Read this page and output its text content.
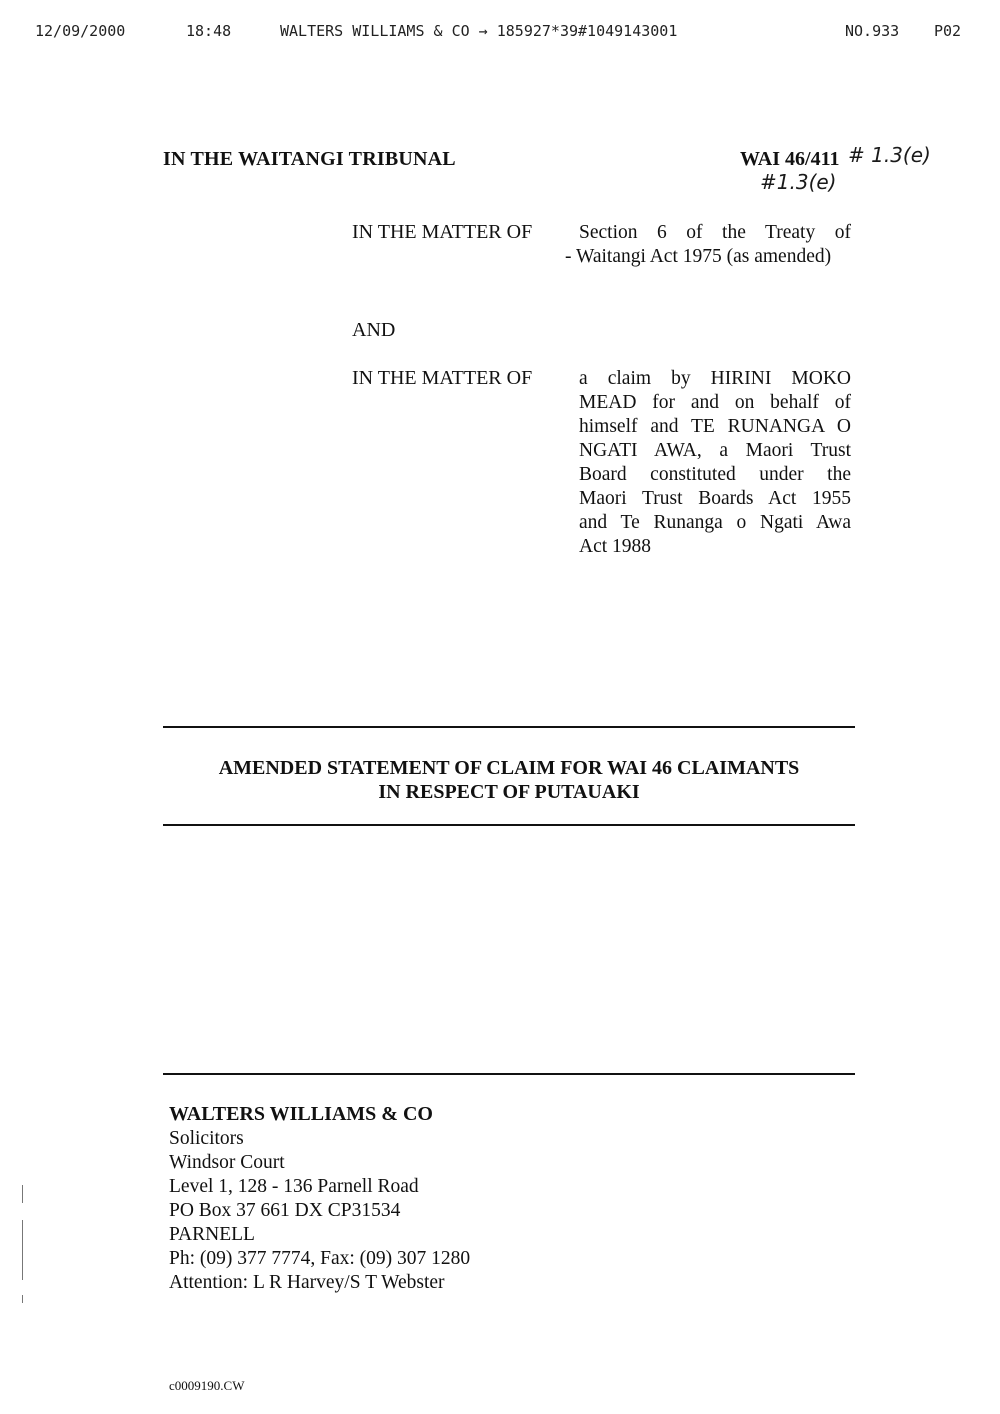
12/09/2000	18:48	WALTERS WILLIAMS & CO → 185927*39#1049143001	NO.933 P02
IN THE WAITANGI TRIBUNAL	WAI 46/411 # 1.3(e)
#1.3(e)
IN THE MATTER OF Section 6 of the Treaty of
- Waitangi Act 1975 (as amended)
AND
IN THE MATTER OF a claim by HIRINI MOKO
MEAD for and on behalf of
himself and TE RUNANGA O
NGATI AWA, a Maori Trust
Board constituted under the
Maori Trust Boards Act 1955
and Te Runanga o Ngati Awa
Act 1988
AMENDED STATEMENT OF CLAIM FOR WAI 46 CLAIMANTS
IN RESPECT OF PUTAUAKI
WALTERS WILLIAMS & CO
Solicitors
Windsor Court
Level 1, 128 - 136 Parnell Road
PO Box 37 661 DX CP31534
PARNELL
Ph: (09) 377 7774, Fax: (09) 307 1280
Attention: L R Harvey/S T Webster
c0009190.CW
